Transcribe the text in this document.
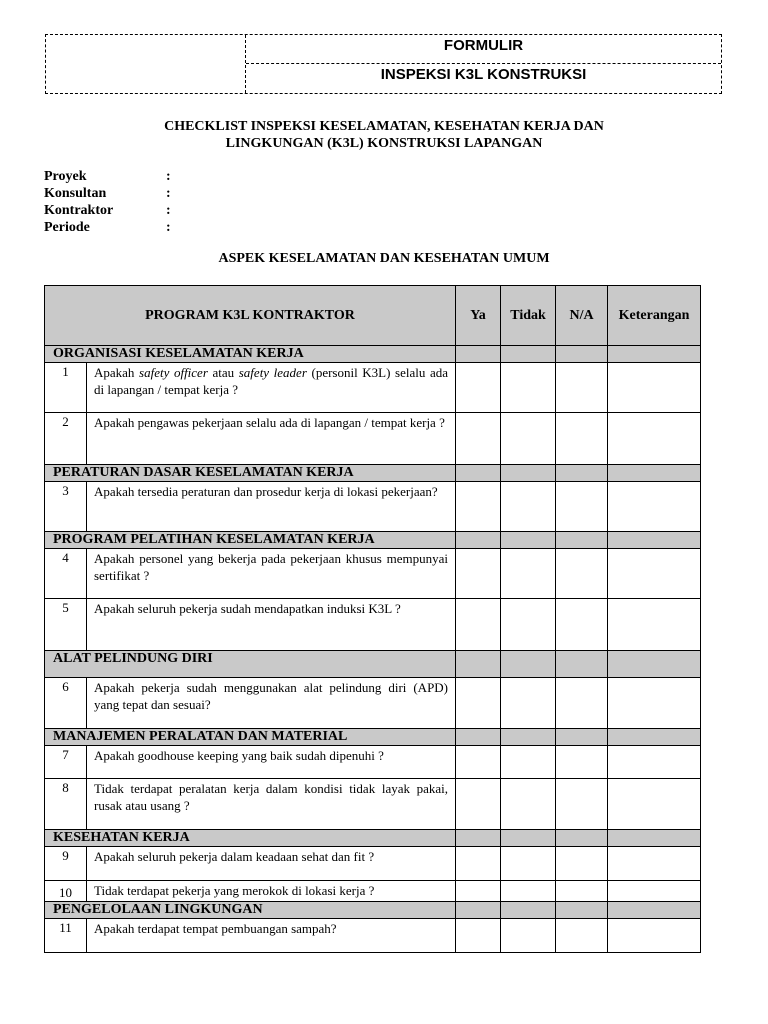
FORMULIR
INSPEKSI K3L KONSTRUKSI
CHECKLIST INSPEKSI KESELAMATAN, KESEHATAN KERJA DAN
LINGKUNGAN (K3L) KONSTRUKSI LAPANGAN
Proyek	:
Konsultan	:
Kontraktor	:
Periode	:
ASPEK KESELAMATAN DAN KESEHATAN UMUM
PROGRAM K3L KONTRAKTOR		Ya	Tidak	N/A	Keterangan
ORGANISASI KESELAMATAN KERJA					
1	Apakah safety officer atau safety leader (personil K3L) selalu ada di lapangan / tempat kerja ?				
2	Apakah pengawas pekerjaan selalu ada di lapangan / tempat kerja ?				
PERATURAN DASAR KESELAMATAN KERJA					
3	Apakah tersedia peraturan dan prosedur kerja di lokasi pekerjaan?				
PROGRAM PELATIHAN KESELAMATAN KERJA					
4	Apakah personel yang bekerja pada pekerjaan khusus mempunyai sertifikat ?				
5	Apakah seluruh pekerja sudah mendapatkan induksi K3L ?				
ALAT PELINDUNG DIRI					
6	Apakah pekerja sudah menggunakan alat pelindung diri (APD) yang tepat dan sesuai?				
MANAJEMEN PERALATAN DAN MATERIAL					
7	Apakah goodhouse keeping yang baik sudah dipenuhi ?				
8	Tidak terdapat peralatan kerja dalam kondisi tidak layak pakai, rusak atau usang ?				
KESEHATAN KERJA					
9	Apakah seluruh pekerja dalam keadaan sehat dan fit ?				
10	Tidak terdapat pekerja yang merokok di lokasi kerja ?				
PENGELOLAAN LINGKUNGAN					
11	Apakah terdapat tempat pembuangan sampah?				
